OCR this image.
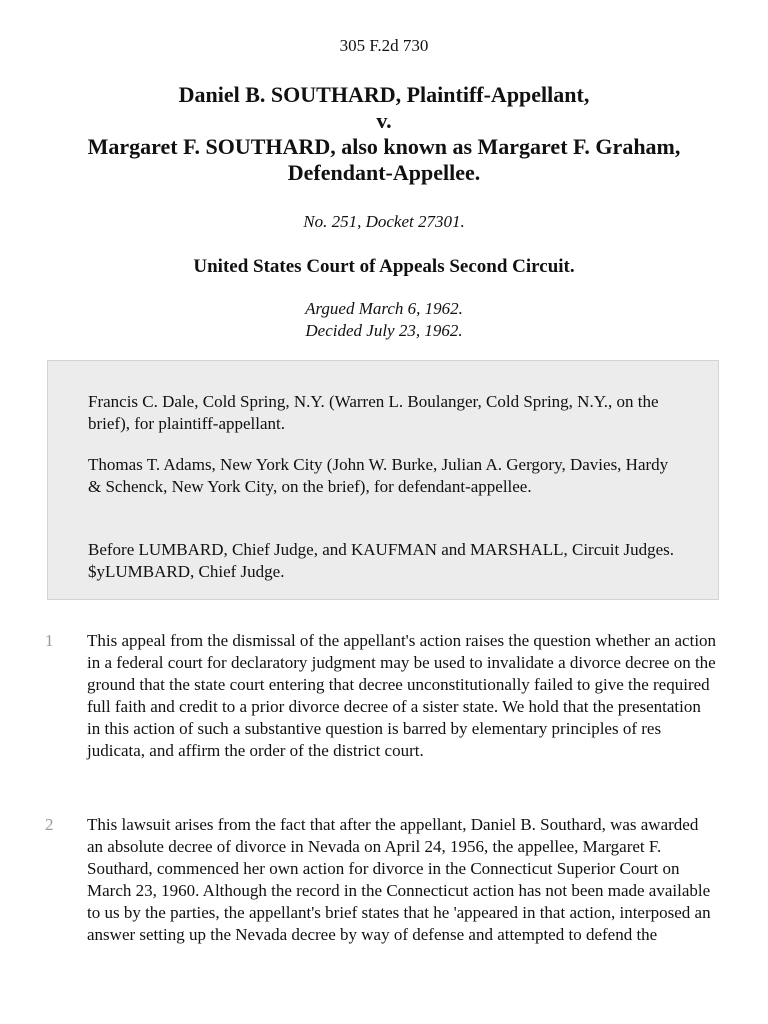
305 F.2d 730
Daniel B. SOUTHARD, Plaintiff-Appellant,
v.
Margaret F. SOUTHARD, also known as Margaret F. Graham,
Defendant-Appellee.
No. 251, Docket 27301.
United States Court of Appeals Second Circuit.
Argued March 6, 1962.
Decided July 23, 1962.

Francis C. Dale, Cold Spring, N.Y. (Warren L. Boulanger, Cold Spring, N.Y., on the brief), for plaintiff-appellant.

Thomas T. Adams, New York City (John W. Burke, Julian A. Gergory, Davies, Hardy & Schenck, New York City, on the brief), for defendant-appellee.

Before LUMBARD, Chief Judge, and KAUFMAN and MARSHALL, Circuit Judges. $yLUMBARD, Chief Judge.

1 This appeal from the dismissal of the appellant's action raises the question whether an action in a federal court for declaratory judgment may be used to invalidate a divorce decree on the ground that the state court entering that decree unconstitutionally failed to give the required full faith and credit to a prior divorce decree of a sister state. We hold that the presentation in this action of such a substantive question is barred by elementary principles of res judicata, and affirm the order of the district court.

2 This lawsuit arises from the fact that after the appellant, Daniel B. Southard, was awarded an absolute decree of divorce in Nevada on April 24, 1956, the appellee, Margaret F. Southard, commenced her own action for divorce in the Connecticut Superior Court on March 23, 1960. Although the record in the Connecticut action has not been made available to us by the parties, the appellant's brief states that he 'appeared in that action, interposed an answer setting up the Nevada decree by way of defense and attempted to defend the
